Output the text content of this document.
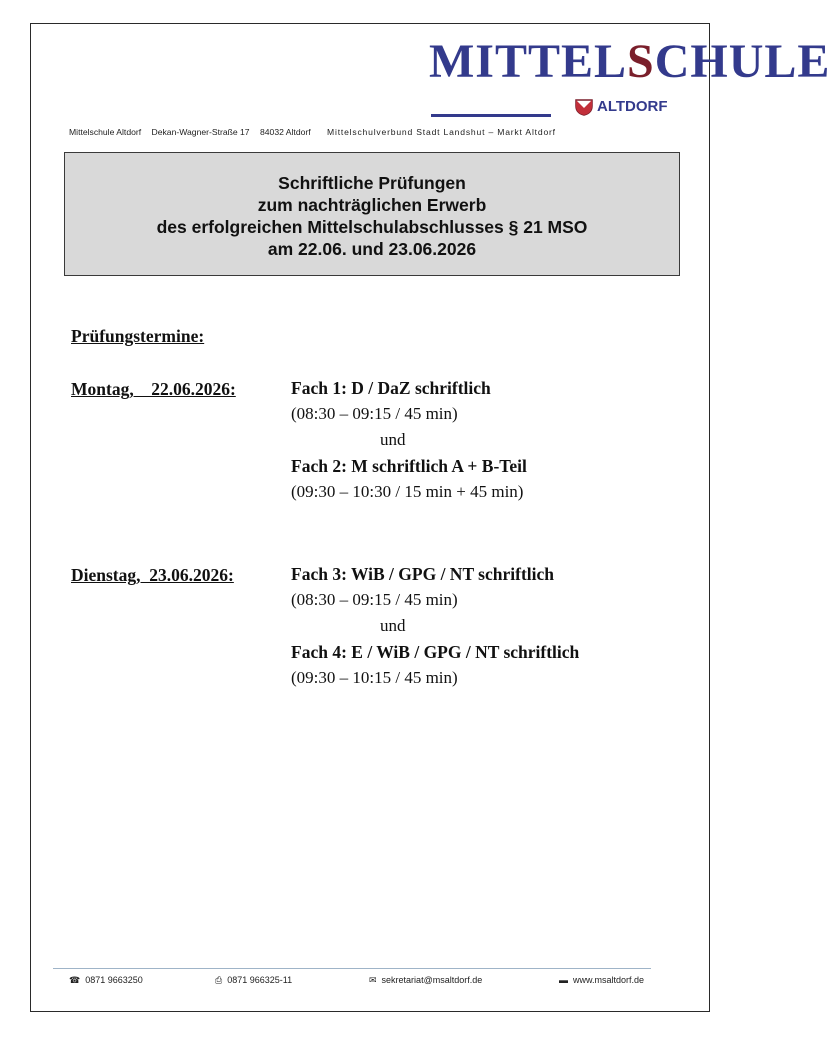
MITTELSCHULE
ALTDORF
Mittelschule Altdorf Dekan-Wagner-Straße 17 84032 Altdorf Mittelschulverbund Stadt Landshut – Markt Altdorf
Schriftliche Prüfungen
zum nachträglichen Erwerb
des erfolgreichen Mittelschulabschlusses § 21 MSO
am 22.06. und 23.06.2026
Prüfungstermine:
Montag,    22.06.2026:	Fach 1: D / DaZ schriftlich
(08:30 – 09:15 / 45 min)
und
Fach 2: M schriftlich A + B-Teil
(09:30 – 10:30 / 15 min + 45 min)
Dienstag,  23.06.2026:	Fach 3: WiB / GPG / NT schriftlich
(08:30 – 09:15 / 45 min)
und
Fach 4: E / WiB / GPG / NT schriftlich
(09:30 – 10:15 / 45 min)
☎ 0871 9663250	⎙ 0871 966325-11	✉ sekretariat@msaltdorf.de	▬ www.msaltdorf.de
